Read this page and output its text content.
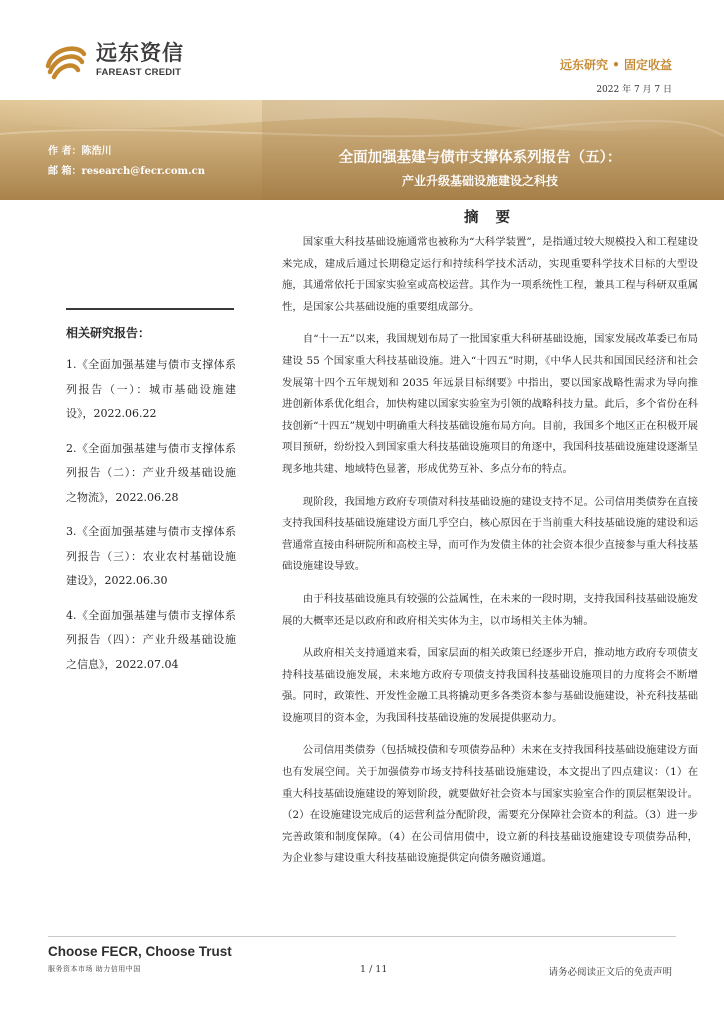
远东资信
FAREAST CREDIT
远东研究 • 固定收益
2022 年 7 月 7 日
作 者：陈浩川
邮 箱：research@fecr.com.cn
全面加强基建与债市支撑体系列报告（五）：
产业升级基础设施建设之科技
相关研究报告：
1.《全面加强基建与债市支撑体系列报告（一）：城市基础设施建设》，2022.06.22
2.《全面加强基建与债市支撑体系列报告（二）：产业升级基础设施之物流》，2022.06.28
3.《全面加强基建与债市支撑体系列报告（三）：农业农村基础设施建设》，2022.06.30
4.《全面加强基建与债市支撑体系列报告（四）：产业升级基础设施之信息》，2022.07.04
摘 要

国家重大科技基础设施通常也被称为“大科学装置”，是指通过较大规模投入和工程建设来完成，建成后通过长期稳定运行和持续科学技术活动，实现重要科学技术目标的大型设施，其通常依托于国家实验室或高校运营。其作为一项系统性工程，兼具工程与科研双重属性，是国家公共基础设施的重要组成部分。

自“十一五”以来，我国规划布局了一批国家重大科研基础设施，国家发展改革委已布局建设 55 个国家重大科技基础设施。进入“十四五”时期，《中华人民共和国国民经济和社会发展第十四个五年规划和 2035 年远景目标纲要》中指出，要以国家战略性需求为导向推进创新体系优化组合，加快构建以国家实验室为引领的战略科技力量。此后，多个省份在科技创新“十四五”规划中明确重大科技基础设施布局方向。目前，我国多个地区正在积极开展项目预研，纷纷投入到国家重大科技基础设施项目的角逐中，我国科技基础设施建设逐渐呈现多地共建、地域特色显著，形成优势互补、多点分布的特点。

现阶段，我国地方政府专项债对科技基础设施的建设支持不足。公司信用类债券在直接支持我国科技基础设施建设方面几乎空白，核心原因在于当前重大科技基础设施的建设和运营通常直接由科研院所和高校主导，而可作为发债主体的社会资本很少直接参与重大科技基础设施建设导致。

由于科技基础设施具有较强的公益属性，在未来的一段时期，支持我国科技基础设施发展的大概率还是以政府和政府相关实体为主，以市场相关主体为辅。

从政府相关支持通道来看，国家层面的相关政策已经逐步开启，推动地方政府专项债支持科技基础设施发展，未来地方政府专项债支持我国科技基础设施项目的力度将会不断增强。同时，政策性、开发性金融工具将撬动更多各类资本参与基础设施建设，补充科技基础设施项目的资本金，为我国科技基础设施的发展提供驱动力。

公司信用类债券（包括城投债和专项债券品种）未来在支持我国科技基础设施建设方面也有发展空间。关于加强债券市场支持科技基础设施建设，本文提出了四点建议：（1）在重大科技基础设施建设的筹划阶段，就要做好社会资本与国家实验室合作的顶层框架设计。（2）在设施建设完成后的运营利益分配阶段，需要充分保障社会资本的利益。（3）进一步完善政策和制度保障。（4）在公司信用债中，设立新的科技基础设施建设专项债券品种，为企业参与建设重大科技基础设施提供定向债务融资通道。

Choose FECR, Choose Trust
服务资本市场 助力信用中国	1 / 11	请务必阅读正文后的免责声明
